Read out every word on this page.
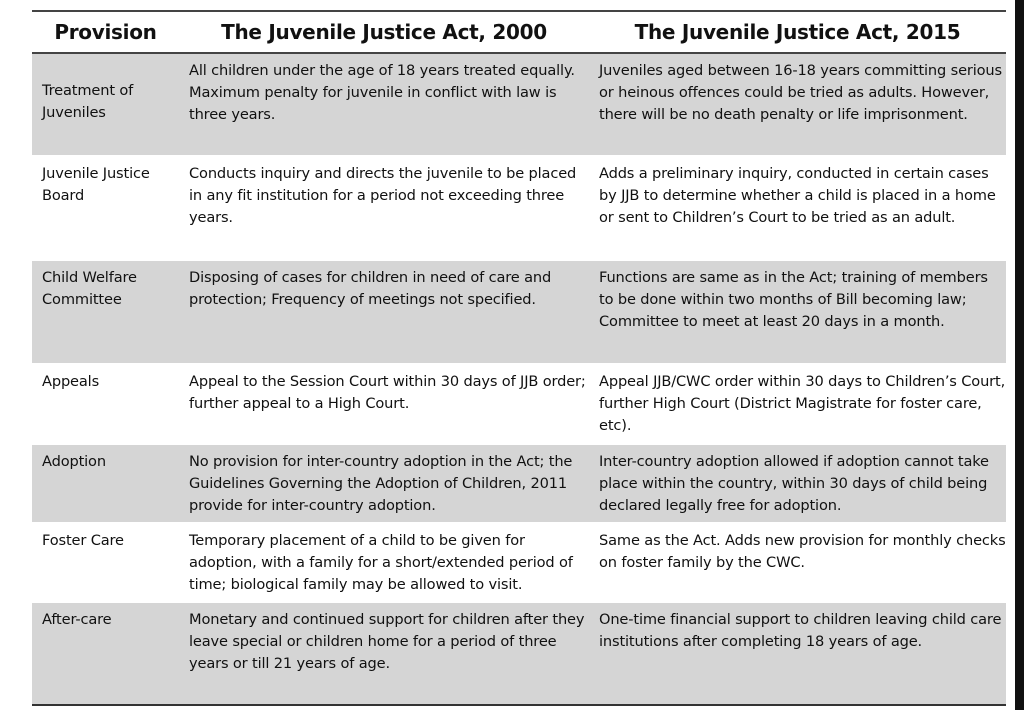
Provision	The Juvenile Justice Act, 2000	The Juvenile Justice Act, 2015

Treatment of Juveniles	All children under the age of 18 years treated equally. Maximum penalty for juvenile in conflict with law is three years.	Juveniles aged between 16-18 years committing serious or heinous offences could be tried as adults. However, there will be no death penalty or life imprisonment.

Juvenile Justice Board	Conducts inquiry and directs the juvenile to be placed in any fit institution for a period not exceeding three years.	Adds a preliminary inquiry, conducted in certain cases by JJB to determine whether a child is placed in a home or sent to Children’s Court to be tried as an adult.

Child Welfare Committee	Disposing of cases for children in need of care and protection; Frequency of meetings not specified.	Functions are same as in the Act; training of members to be done within two months of Bill becoming law; Committee to meet at least 20 days in a month.

Appeals	Appeal to the Session Court within 30 days of JJB order; further appeal to a High Court.	Appeal JJB/CWC order within 30 days to Children’s Court, further High Court (District Magistrate for foster care, etc).

Adoption	No provision for inter-country adoption in the Act; the Guidelines Governing the Adoption of Children, 2011 provide for inter-country adoption.	Inter-country adoption allowed if adoption cannot take place within the country, within 30 days of child being declared legally free for adoption.

Foster Care	Temporary placement of a child to be given for adoption, with a family for a short/extended period of time; biological family may be allowed to visit.	Same as the Act. Adds new provision for monthly checks on foster family by the CWC.

After-care	Monetary and continued support for children after they leave special or children home for a period of three years or till 21 years of age.	One-time financial support to children leaving child care institutions after completing 18 years of age.
